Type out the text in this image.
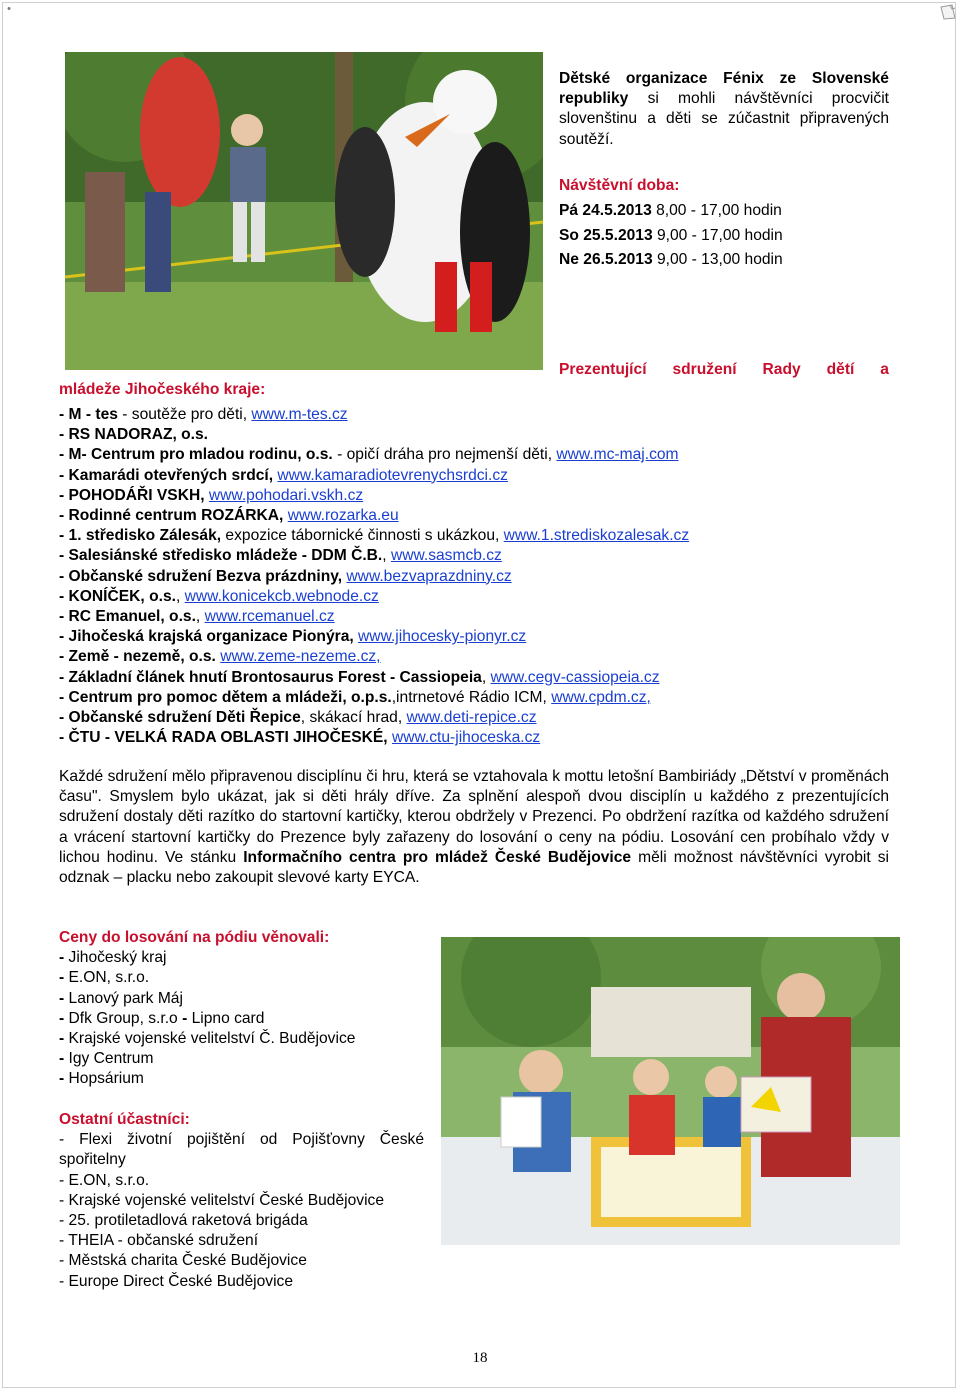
•

Dětské organizace Fénix ze Slovenské republiky si mohli návštěvníci procvičit slovenštinu a děti se zúčastnit připravených soutěží.

Návštěvní doba:
Pá 24.5.2013 8,00 - 17,00 hodin
So 25.5.2013 9,00 - 17,00 hodin
Ne 26.5.2013 9,00 - 13,00 hodin
Prezentující sdružení Rady dětí a
mládeže Jihočeského kraje:
- M - tes - soutěže pro děti, www.m-tes.cz
- RS NADORAZ, o.s.
- M- Centrum pro mladou rodinu, o.s. - opičí dráha pro nejmenší děti, www.mc-maj.com
- Kamarádi otevřených srdcí, www.kamaradiotevrenychsrdci.cz
- POHODÁŘI VSKH, www.pohodari.vskh.cz
- Rodinné centrum ROZÁRKA, www.rozarka.eu
- 1. středisko Zálesák, expozice tábornické činnosti s ukázkou, www.1.strediskozalesak.cz
- Salesiánské středisko mládeže - DDM Č.B., www.sasmcb.cz
- Občanské sdružení Bezva prázdniny, www.bezvaprazdniny.cz
- KONÍČEK, o.s., www.konicekcb.webnode.cz
- RC Emanuel, o.s., www.rcemanuel.cz
- Jihočeská krajská organizace Pionýra, www.jihocesky-pionyr.cz
- Země - nezemě, o.s. www.zeme-nezeme.cz,
- Základní článek hnutí Brontosaurus Forest - Cassiopeia, www.cegv-cassiopeia.cz
- Centrum pro pomoc dětem a mládeži, o.p.s.,intrnetové Rádio ICM, www.cpdm.cz,
- Občanské sdružení Děti Řepice, skákací hrad, www.deti-repice.cz
- ČTU - VELKÁ RADA OBLASTI JIHOČESKÉ, www.ctu-jihoceska.cz

Každé sdružení mělo připravenou disciplínu či hru, která se vztahovala k mottu letošní Bambiriády „Dětství v proměnách času". Smyslem bylo ukázat, jak si děti hrály dříve. Za splnění alespoň dvou disciplín u každého z prezentujících sdružení dostaly děti razítko do startovní kartičky, kterou obdržely v Prezenci. Po obdržení razítka od každého sdružení a vrácení startovní kartičky do Prezence byly zařazeny do losování o ceny na pódiu. Losování cen probíhalo vždy v lichou hodinu. Ve stánku Informačního centra pro mládež České Budějovice měli možnost návštěvníci vyrobit si odznak – placku nebo zakoupit slevové karty EYCA.

Ceny do losování na pódiu věnovali:
- Jihočeský kraj
- E.ON, s.r.o.
- Lanový park Máj
- Dfk Group, s.r.o - Lipno card
- Krajské vojenské velitelství Č. Budějovice
- Igy Centrum
- Hopsárium
Ostatní účastníci:
- Flexi životní pojištění od Pojišťovny České
spořitelny
- E.ON, s.r.o.
- Krajské vojenské velitelství České Budějovice
- 25. protiletadlová raketová brigáda
- THEIA - občanské sdružení
- Městská charita České Budějovice
- Europe Direct České Budějovice
18
